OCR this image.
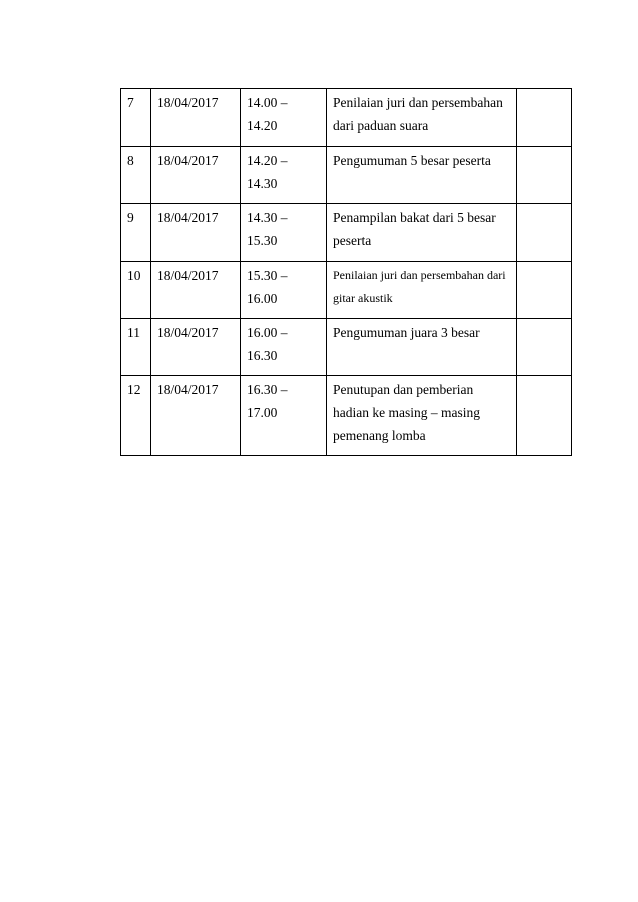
7	18/04/2017	14.00 – 14.20	Penilaian juri dan persembahan dari paduan suara	
8	18/04/2017	14.20 – 14.30	Pengumuman 5 besar peserta	
9	18/04/2017	14.30 – 15.30	Penampilan bakat dari 5 besar peserta	
10	18/04/2017	15.30 – 16.00	Penilaian juri dan persembahan dari gitar akustik	
11	18/04/2017	16.00 – 16.30	Pengumuman juara 3 besar	
12	18/04/2017	16.30 – 17.00	Penutupan dan pemberian hadian ke masing – masing pemenang lomba	
